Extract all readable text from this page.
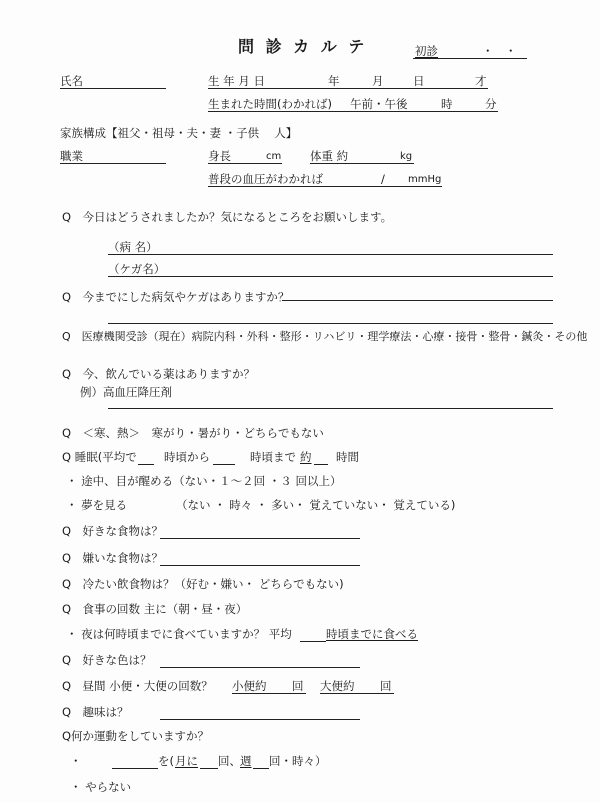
問 診 カ ル テ	初診	・　・
氏名	生 年 月 日	年	月	日	才
生まれた時間(わかれば) 午前・午後	時	分
家族構成【祖父・祖母・夫・妻 ・子供　 人】
職業	身長	cm	体重 約	kg
普段の血圧がわかれば	/ mmHg
Q　今日はどうされましたか？気になるところをお願いします。
（病 名）
（ケガ名）
Q　今までにした病気やケガはありますか？
Q　医療機関受診（現在）病院内科・外科・整形・リハビリ・理学療法・心療・接骨・整骨・鍼灸・その他
Q　今、飲んでいる薬はありますか？
例）高血圧降圧剤
Q　＜寒、熱＞　寒がり・暑がり・どちらでもない
Q 睡眠(平均で 時頃から	時頃まで 約 時間
・ 途中、目が醒める（ない・１～２回 ・３ 回以上）
・ 夢を見る	（ない ・ 時々 ・ 多い・ 覚えていない・ 覚えている)
Q　好きな食物は？
Q　嫌いな食物は？
Q　冷たい飲食物は？（好む・嫌い・ どちらでもない)
Q　食事の回数 主に（朝・昼・夜）
・ 夜は何時頃までに食べていますか？ 平均	時頃までに食べる
Q　好きな色は？
Q　昼間 小便・大便の回数？ 小便約 回 大便約 回
Q　趣味は？
Q何か運動をしていますか？
・	を( 月に 回、 週 回・時々）
・ やらない
